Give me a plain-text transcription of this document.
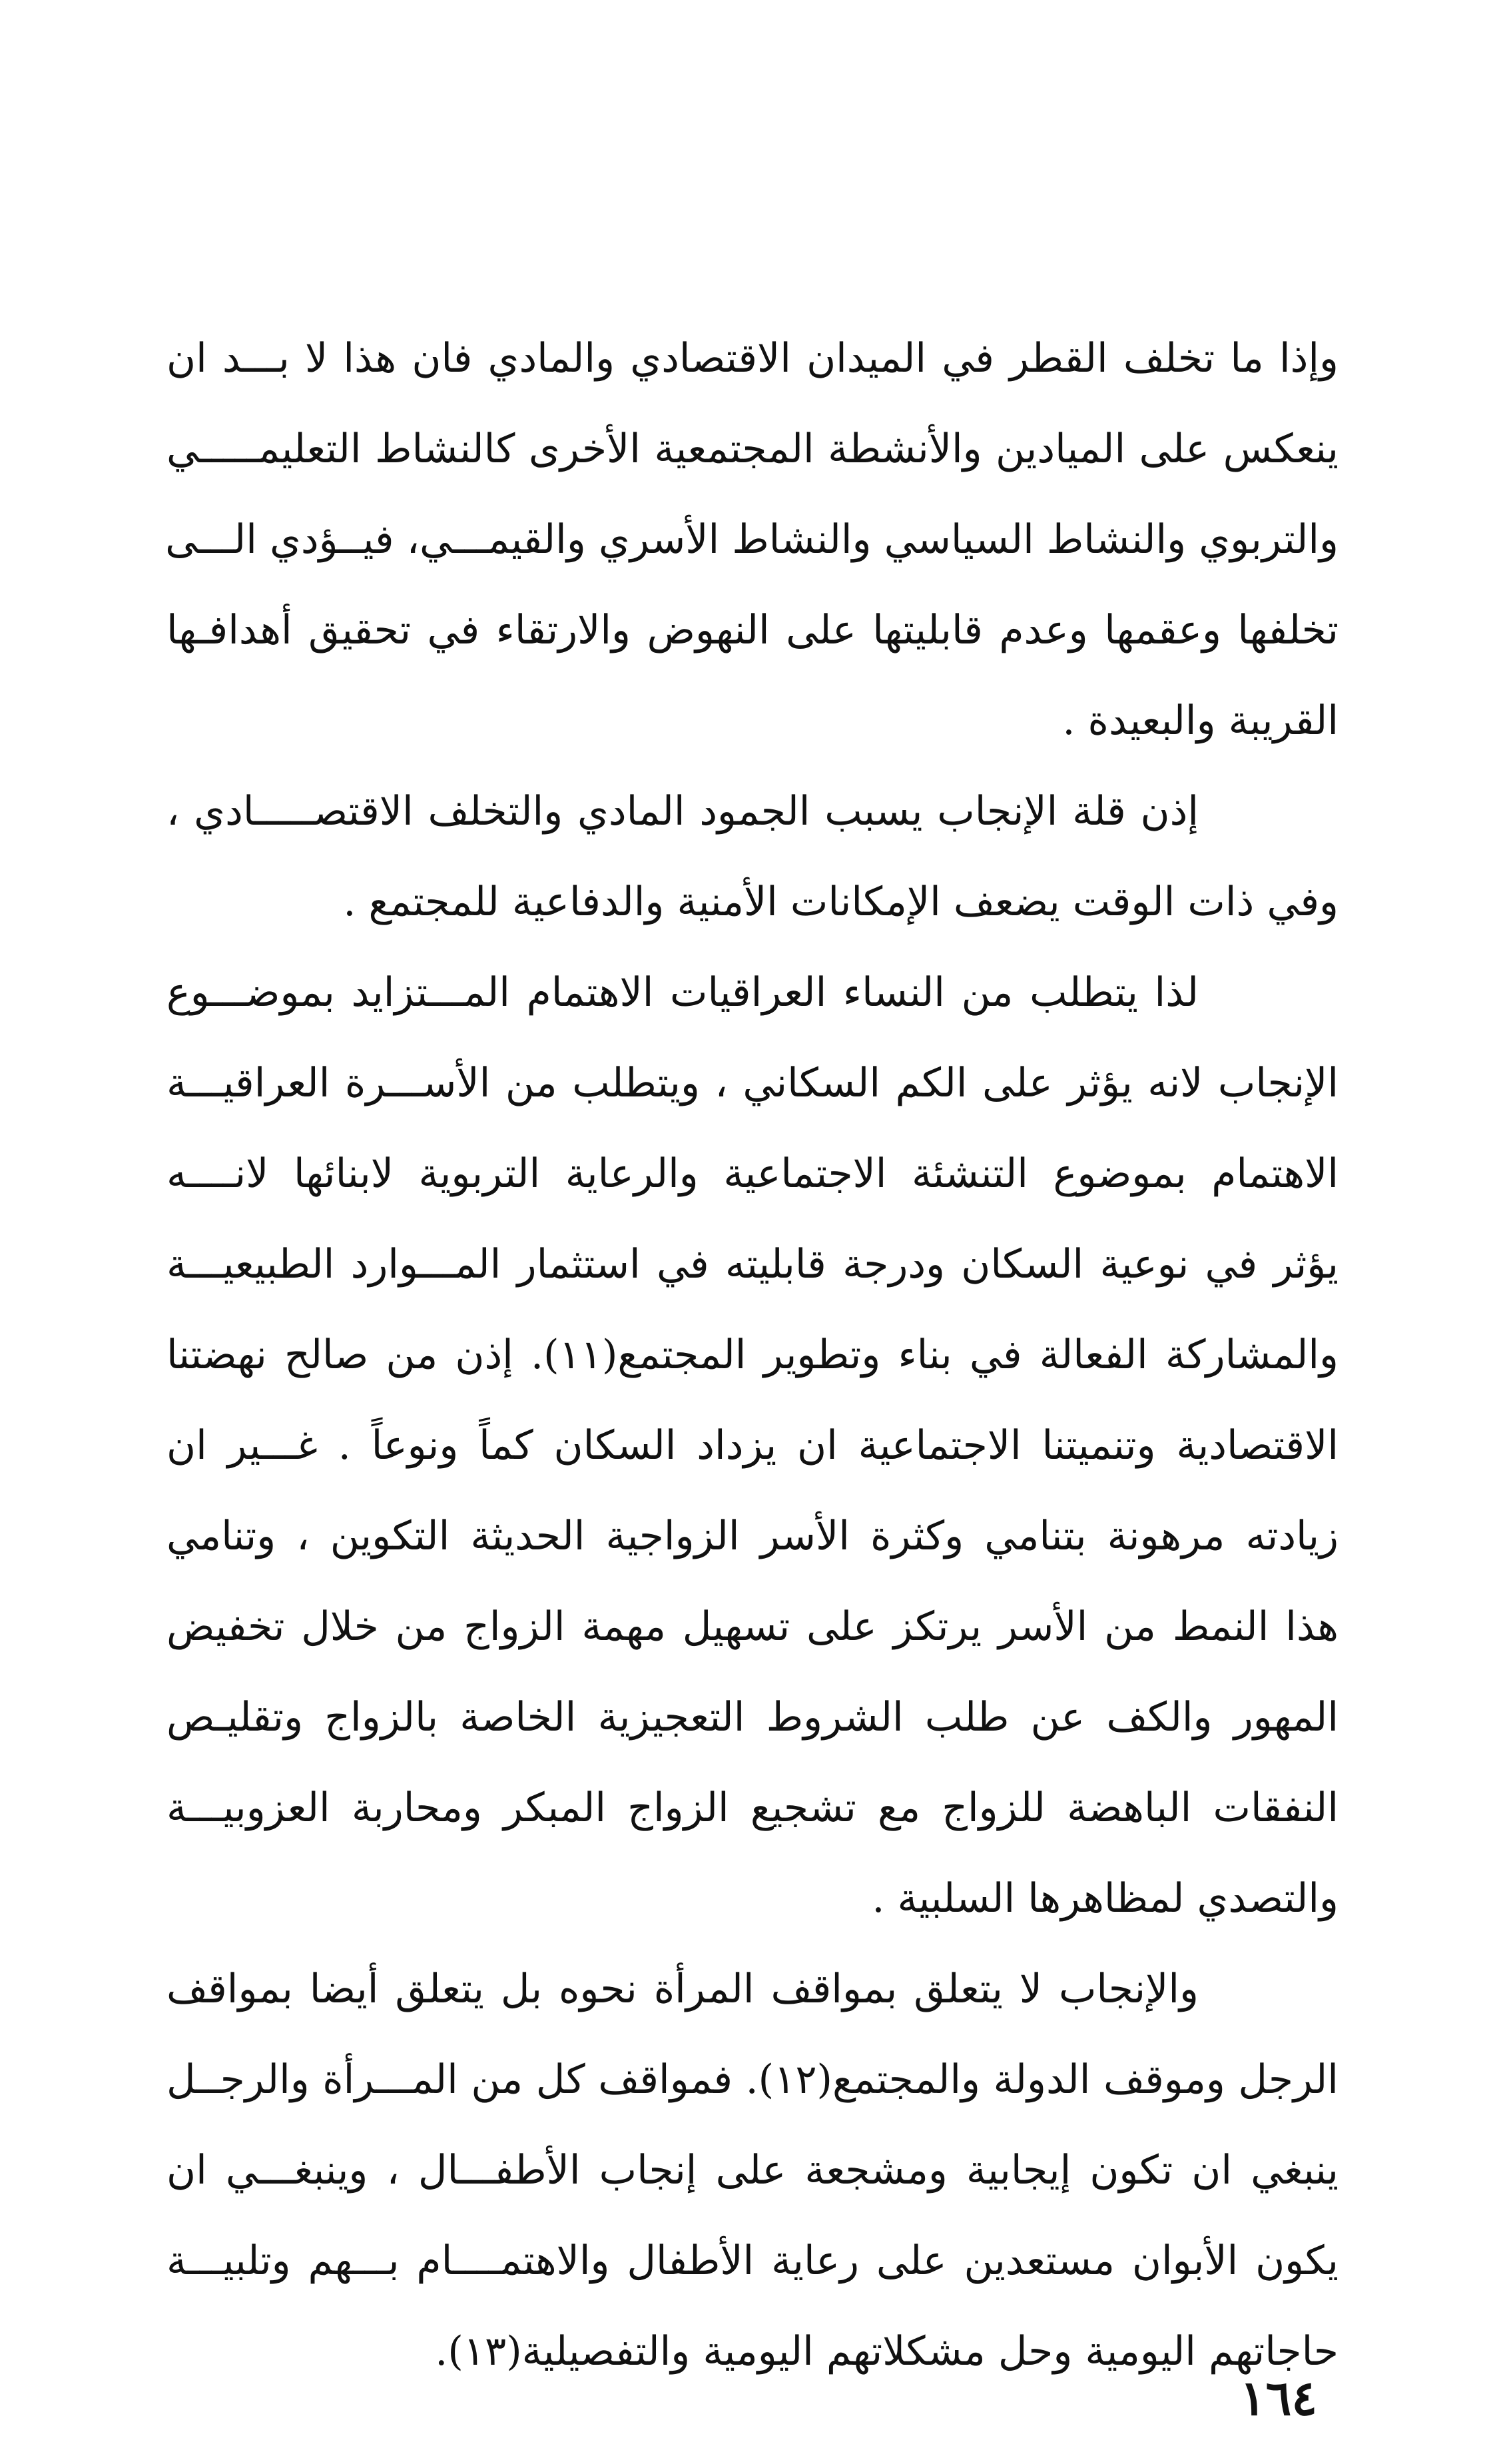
وإذا ما تخلف القطر في الميدان الاقتصادي والمادي فان هذا لا بـــد ان
ينعكس على الميادين والأنشطة المجتمعية الأخرى كالنشاط التعليمـــــي
والتربوي والنشاط السياسي والنشاط الأسري والقيمـــي، فيــؤدي الـــى
تخلفها وعقمها وعدم قابليتها على النهوض والارتقاء في تحقيق أهدافـها
القريبة والبعيدة .
إذن قلة الإنجاب يسبب الجمود المادي والتخلف الاقتصـــــادي ،
وفي ذات الوقت يضعف الإمكانات الأمنية والدفاعية للمجتمع .
لذا يتطلب من النساء العراقيات الاهتمام المـــتزايد بموضـــوع
الإنجاب لانه يؤثر على الكم السكاني ، ويتطلب من الأســـرة العراقيـــة
الاهتمام بموضوع التنشئة الاجتماعية والرعاية التربوية لابنائها لانــــه
يؤثر في نوعية السكان ودرجة قابليته في استثمار المـــوارد الطبيعيـــة
والمشاركة الفعالة في بناء وتطوير المجتمع(١١). إذن من صالح نهضتنا
الاقتصادية وتنميتنا الاجتماعية ان يزداد السكان كماً ونوعاً . غـــير ان
زيادته مرهونة بتنامي وكثرة الأسر الزواجية الحديثة التكوين ، وتنامي
هذا النمط من الأسر يرتكز على تسهيل مهمة الزواج من خلال تخفيض
المهور والكف عن طلب الشروط التعجيزية الخاصة بالزواج وتقليـص
النفقات الباهضة للزواج مع تشجيع الزواج المبكر ومحاربة العزوبيـــة
والتصدي لمظاهرها السلبية .
والإنجاب لا يتعلق بمواقف المرأة نحوه بل يتعلق أيضا بمواقف
الرجل وموقف الدولة والمجتمع(١٢). فمواقف كل من المـــرأة والرجــل
ينبغي ان تكون إيجابية ومشجعة على إنجاب الأطفـــال ، وينبغـــي ان
يكون الأبوان مستعدين على رعاية الأطفال والاهتمــــام بـــهم وتلبيـــة
حاجاتهم اليومية وحل مشكلاتهم اليومية والتفصيلية(١٣).
١٦٤
